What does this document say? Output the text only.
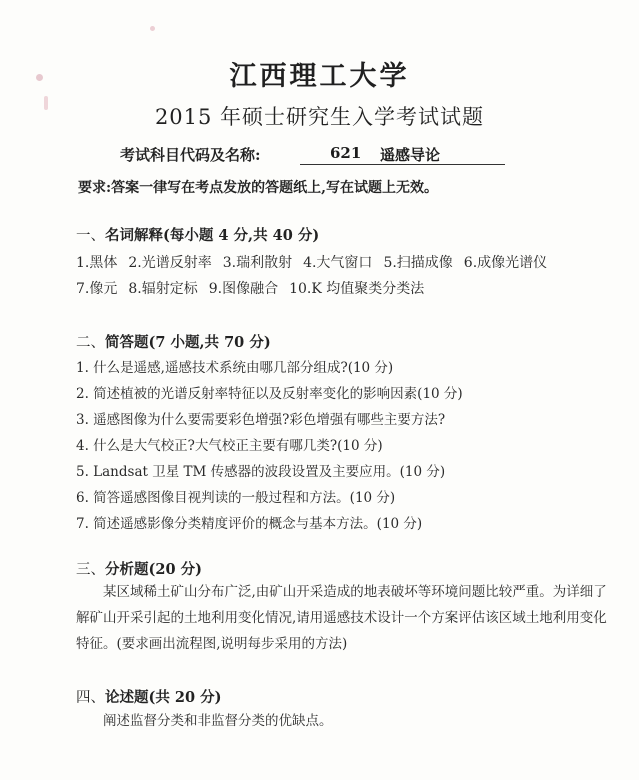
江西理工大学
2015 年硕士研究生入学考试试题
考试科目代码及名称:	621 遥感导论
要求:答案一律写在考点发放的答题纸上,写在试题上无效。
一、名词解释(每小题 4 分,共 40 分)
1.黑体 2.光谱反射率 3.瑞利散射 4.大气窗口 5.扫描成像 6.成像光谱仪
7.像元 8.辐射定标 9.图像融合 10.K 均值聚类分类法
二、简答题(7 小题,共 70 分)
1. 什么是遥感,遥感技术系统由哪几部分组成?(10 分)
2. 简述植被的光谱反射率特征以及反射率变化的影响因素(10 分)
3. 遥感图像为什么要需要彩色增强?彩色增强有哪些主要方法?
4. 什么是大气校正?大气校正主要有哪几类?(10 分)
5. Landsat 卫星 TM 传感器的波段设置及主要应用。(10 分)
6. 简答遥感图像目视判读的一般过程和方法。(10 分)
7. 简述遥感影像分类精度评价的概念与基本方法。(10 分)
三、分析题(20 分)
某区域稀土矿山分布广泛,由矿山开采造成的地表破坏等环境问题比较严重。为详细了解矿山开采引起的土地利用变化情况,请用遥感技术设计一个方案评估该区域土地利用变化特征。(要求画出流程图,说明每步采用的方法)
四、论述题(共 20 分)
阐述监督分类和非监督分类的优缺点。
